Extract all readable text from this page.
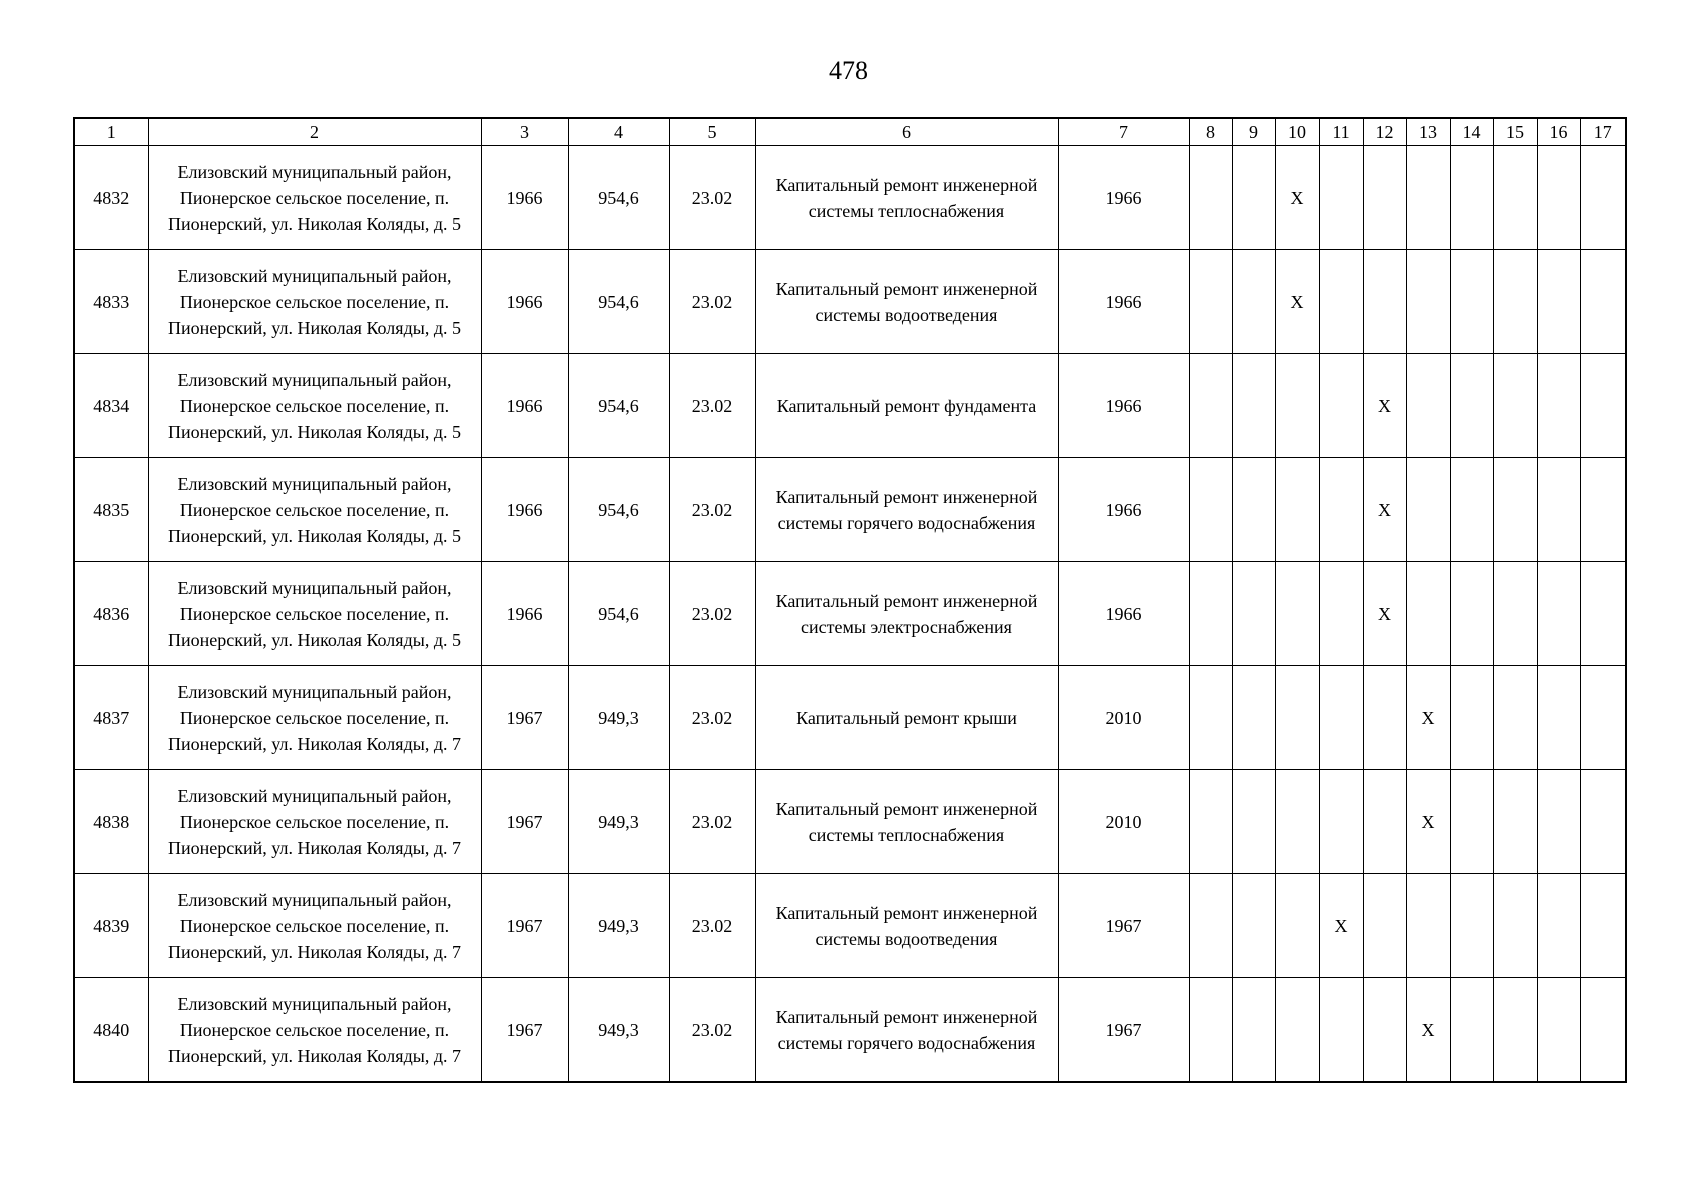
478
1	2	3	4	5	6	7	8	9	10	11	12	13	14	15	16	17
4832	Елизовский муниципальный район, Пионерское сельское поселение, п. Пионерский, ул. Николая Коляды, д. 5	1966	954,6	23.02	Капитальный ремонт инженерной системы теплоснабжения	1966			X							
4833	Елизовский муниципальный район, Пионерское сельское поселение, п. Пионерский, ул. Николая Коляды, д. 5	1966	954,6	23.02	Капитальный ремонт инженерной системы водоотведения	1966			X							
4834	Елизовский муниципальный район, Пионерское сельское поселение, п. Пионерский, ул. Николая Коляды, д. 5	1966	954,6	23.02	Капитальный ремонт фундамента	1966					X					
4835	Елизовский муниципальный район, Пионерское сельское поселение, п. Пионерский, ул. Николая Коляды, д. 5	1966	954,6	23.02	Капитальный ремонт инженерной системы горячего водоснабжения	1966					X					
4836	Елизовский муниципальный район, Пионерское сельское поселение, п. Пионерский, ул. Николая Коляды, д. 5	1966	954,6	23.02	Капитальный ремонт инженерной системы электроснабжения	1966					X					
4837	Елизовский муниципальный район, Пионерское сельское поселение, п. Пионерский, ул. Николая Коляды, д. 7	1967	949,3	23.02	Капитальный ремонт крыши	2010						X				
4838	Елизовский муниципальный район, Пионерское сельское поселение, п. Пионерский, ул. Николая Коляды, д. 7	1967	949,3	23.02	Капитальный ремонт инженерной системы теплоснабжения	2010						X				
4839	Елизовский муниципальный район, Пионерское сельское поселение, п. Пионерский, ул. Николая Коляды, д. 7	1967	949,3	23.02	Капитальный ремонт инженерной системы водоотведения	1967				X						
4840	Елизовский муниципальный район, Пионерское сельское поселение, п. Пионерский, ул. Николая Коляды, д. 7	1967	949,3	23.02	Капитальный ремонт инженерной системы горячего водоснабжения	1967						X				
